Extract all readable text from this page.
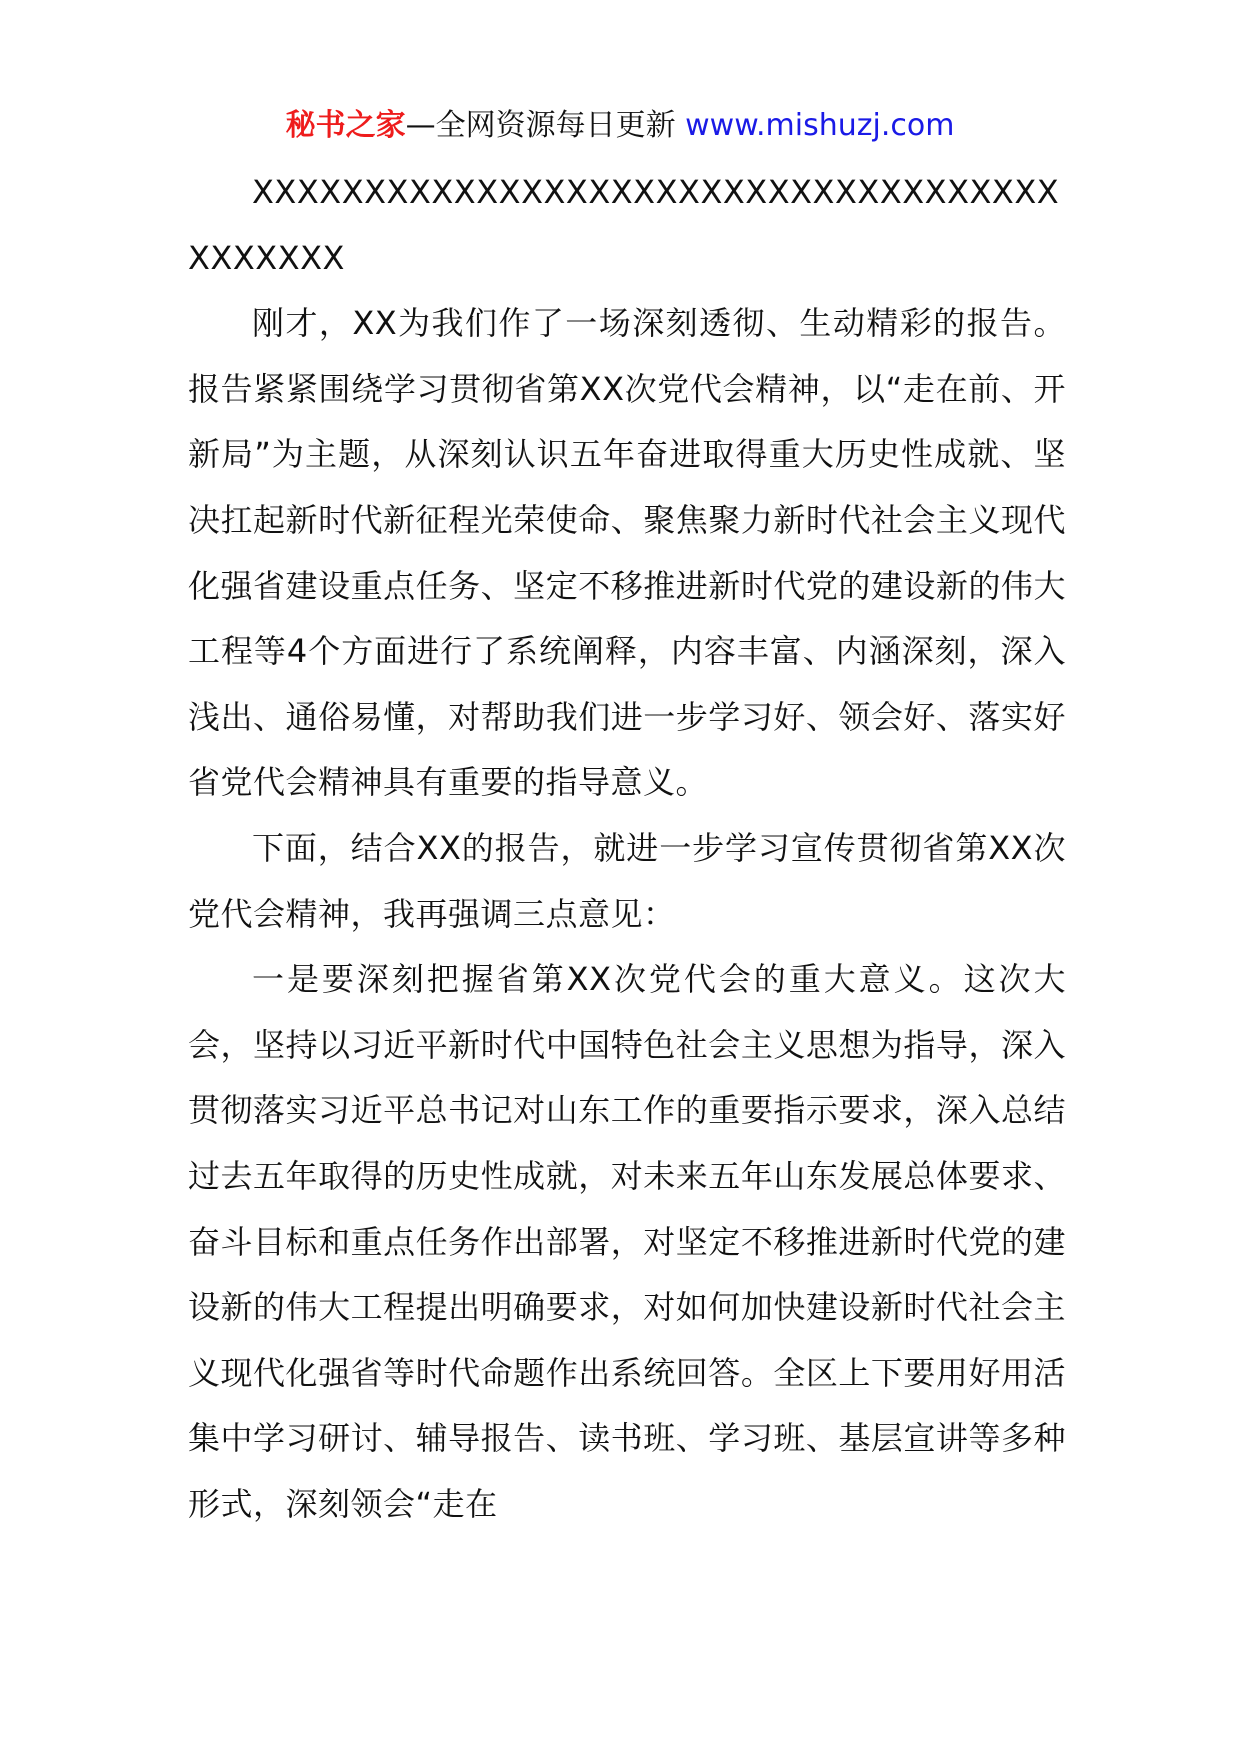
秘书之家—全网资源每日更新 www.mishuzj.com

XXXXXXXXXXXXXXXXXXXXXXXXXXXXXXXXXXXXXXXXXXX

刚才，XX为我们作了一场深刻透彻、生动精彩的报告。报告紧紧围绕学习贯彻省第XX次党代会精神，以“走在前、开新局”为主题，从深刻认识五年奋进取得重大历史性成就、坚决扛起新时代新征程光荣使命、聚焦聚力新时代社会主义现代化强省建设重点任务、坚定不移推进新时代党的建设新的伟大工程等4个方面进行了系统阐释，内容丰富、内涵深刻，深入浅出、通俗易懂，对帮助我们进一步学习好、领会好、落实好省党代会精神具有重要的指导意义。

下面，结合XX的报告，就进一步学习宣传贯彻省第XX次党代会精神，我再强调三点意见：

一是要深刻把握省第XX次党代会的重大意义。这次大会，坚持以习近平新时代中国特色社会主义思想为指导，深入贯彻落实习近平总书记对山东工作的重要指示要求，深入总结过去五年取得的历史性成就，对未来五年山东发展总体要求、奋斗目标和重点任务作出部署，对坚定不移推进新时代党的建设新的伟大工程提出明确要求，对如何加快建设新时代社会主义现代化强省等时代命题作出系统回答。全区上下要用好用活集中学习研讨、辅导报告、读书班、学习班、基层宣讲等多种形式，深刻领会“走在
